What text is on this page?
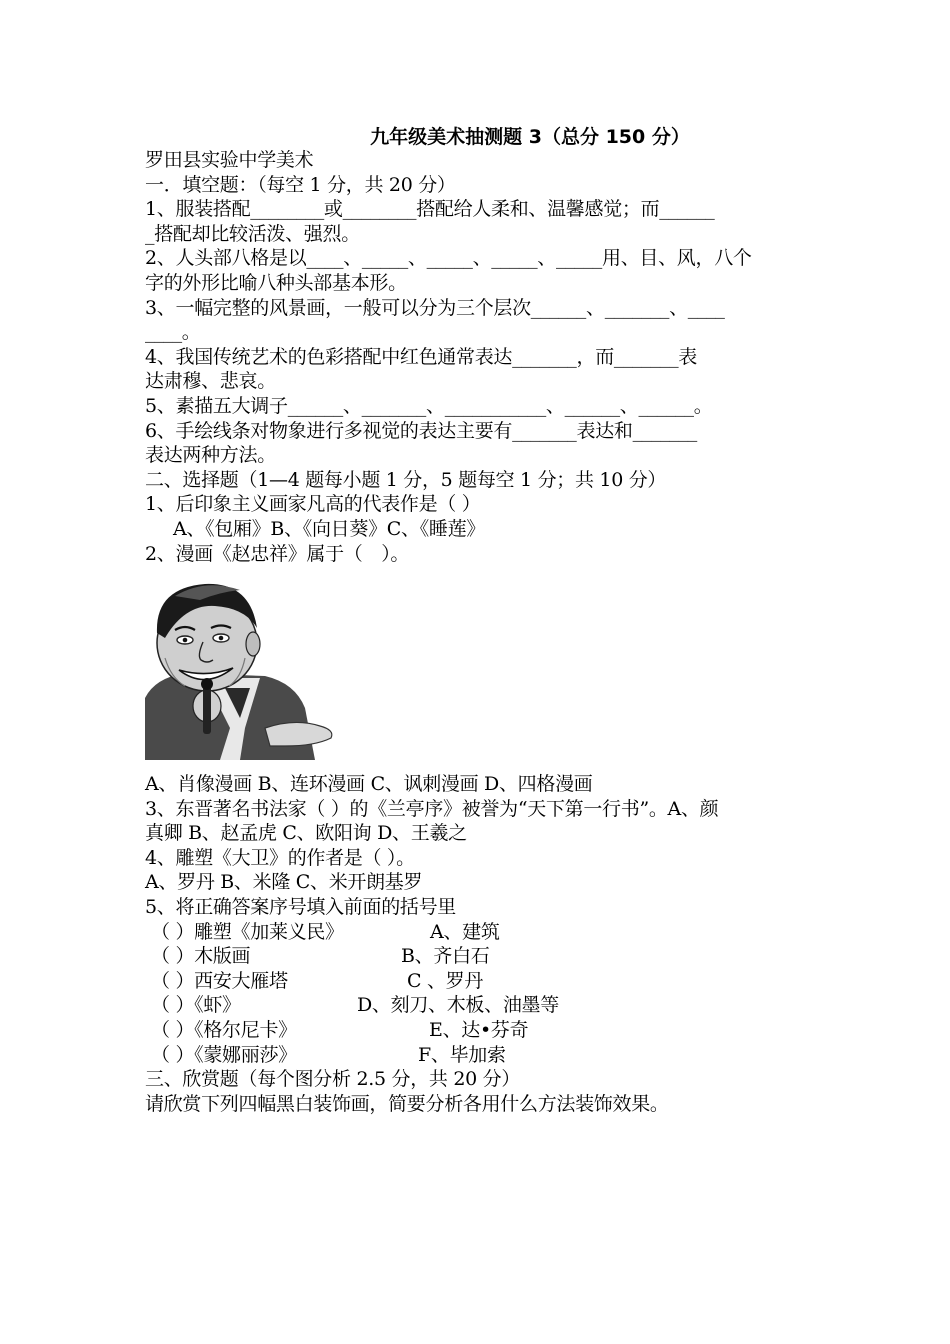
九年级美术抽测题 3（总分 150 分）
罗田县实验中学美术
一．填空题：（每空 1 分，共 20 分）
1、服装搭配________或________搭配给人柔和、温馨感觉；而______
_搭配却比较活泼、强烈。
2、人头部八格是以____、_____、_____、_____、_____用、目、风，八个
字的外形比喻八种头部基本形。
3、一幅完整的风景画，一般可以分为三个层次______、_______、____
____。
4、我国传统艺术的色彩搭配中红色通常表达_______，而_______表
达肃穆、悲哀。
5、素描五大调子______、_______、___________、______、______。
6、手绘线条对物象进行多视觉的表达主要有_______表达和_______
表达两种方法。
二、选择题（1—4 题每小题 1 分，5 题每空 1 分；共 10 分）
1、后印象主义画家凡高的代表作是（ ）
A、《包厢》B、《向日葵》C、《睡莲》
2、漫画《赵忠祥》属于（　）。
A、肖像漫画 B、连环漫画 C、讽刺漫画 D、四格漫画
3、东晋著名书法家（ ）的《兰亭序》被誉为“天下第一行书”。A、颜
真卿 B、赵孟虎 C、欧阳询 D、王羲之
4、雕塑《大卫》的作者是（ ）。
A、罗丹 B、米隆 C、米开朗基罗
5、将正确答案序号填入前面的括号里
（ ）雕塑《加莱义民》	A、建筑
（ ）木版画	B、齐白石
（ ）西安大雁塔	C 、罗丹
（ ）《虾》	D、刻刀、木板、油墨等
（ ）《格尔尼卡》	E、达•芬奇
（ ）《蒙娜丽莎》	F、毕加索
三、欣赏题（每个图分析 2.5 分，共 20 分）
请欣赏下列四幅黑白装饰画，简要分析各用什么方法装饰效果。
